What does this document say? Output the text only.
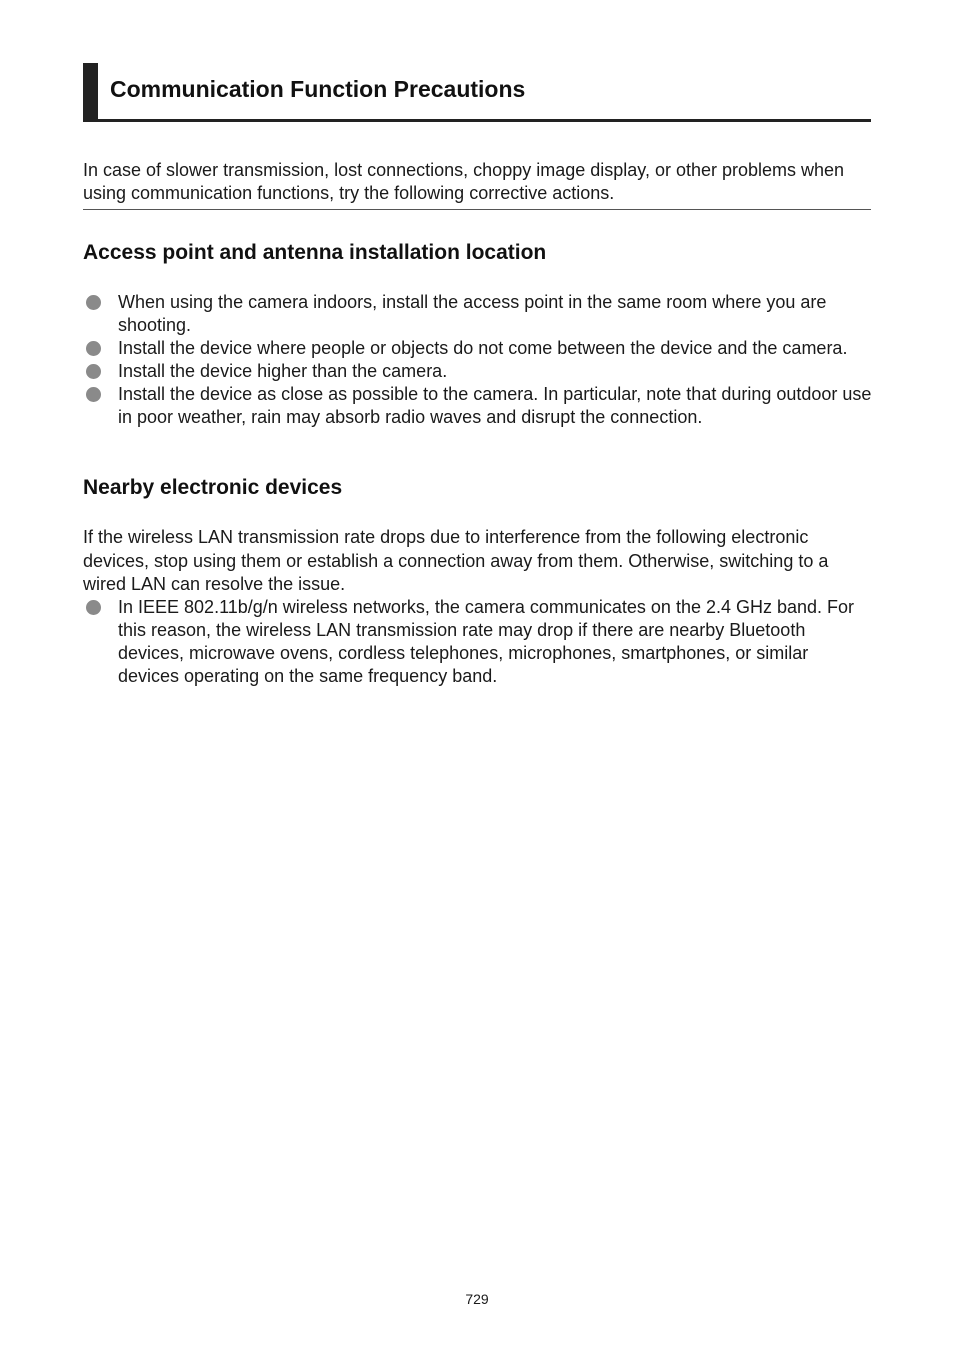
Communication Function Precautions
In case of slower transmission, lost connections, choppy image display, or other problems when using communication functions, try the following corrective actions.
Access point and antenna installation location
When using the camera indoors, install the access point in the same room where you are shooting.
Install the device where people or objects do not come between the device and the camera.
Install the device higher than the camera.
Install the device as close as possible to the camera. In particular, note that during outdoor use in poor weather, rain may absorb radio waves and disrupt the connection.
Nearby electronic devices
If the wireless LAN transmission rate drops due to interference from the following electronic devices, stop using them or establish a connection away from them. Otherwise, switching to a wired LAN can resolve the issue.
In IEEE 802.11b/g/n wireless networks, the camera communicates on the 2.4 GHz band. For this reason, the wireless LAN transmission rate may drop if there are nearby Bluetooth devices, microwave ovens, cordless telephones, microphones, smartphones, or similar devices operating on the same frequency band.
729
